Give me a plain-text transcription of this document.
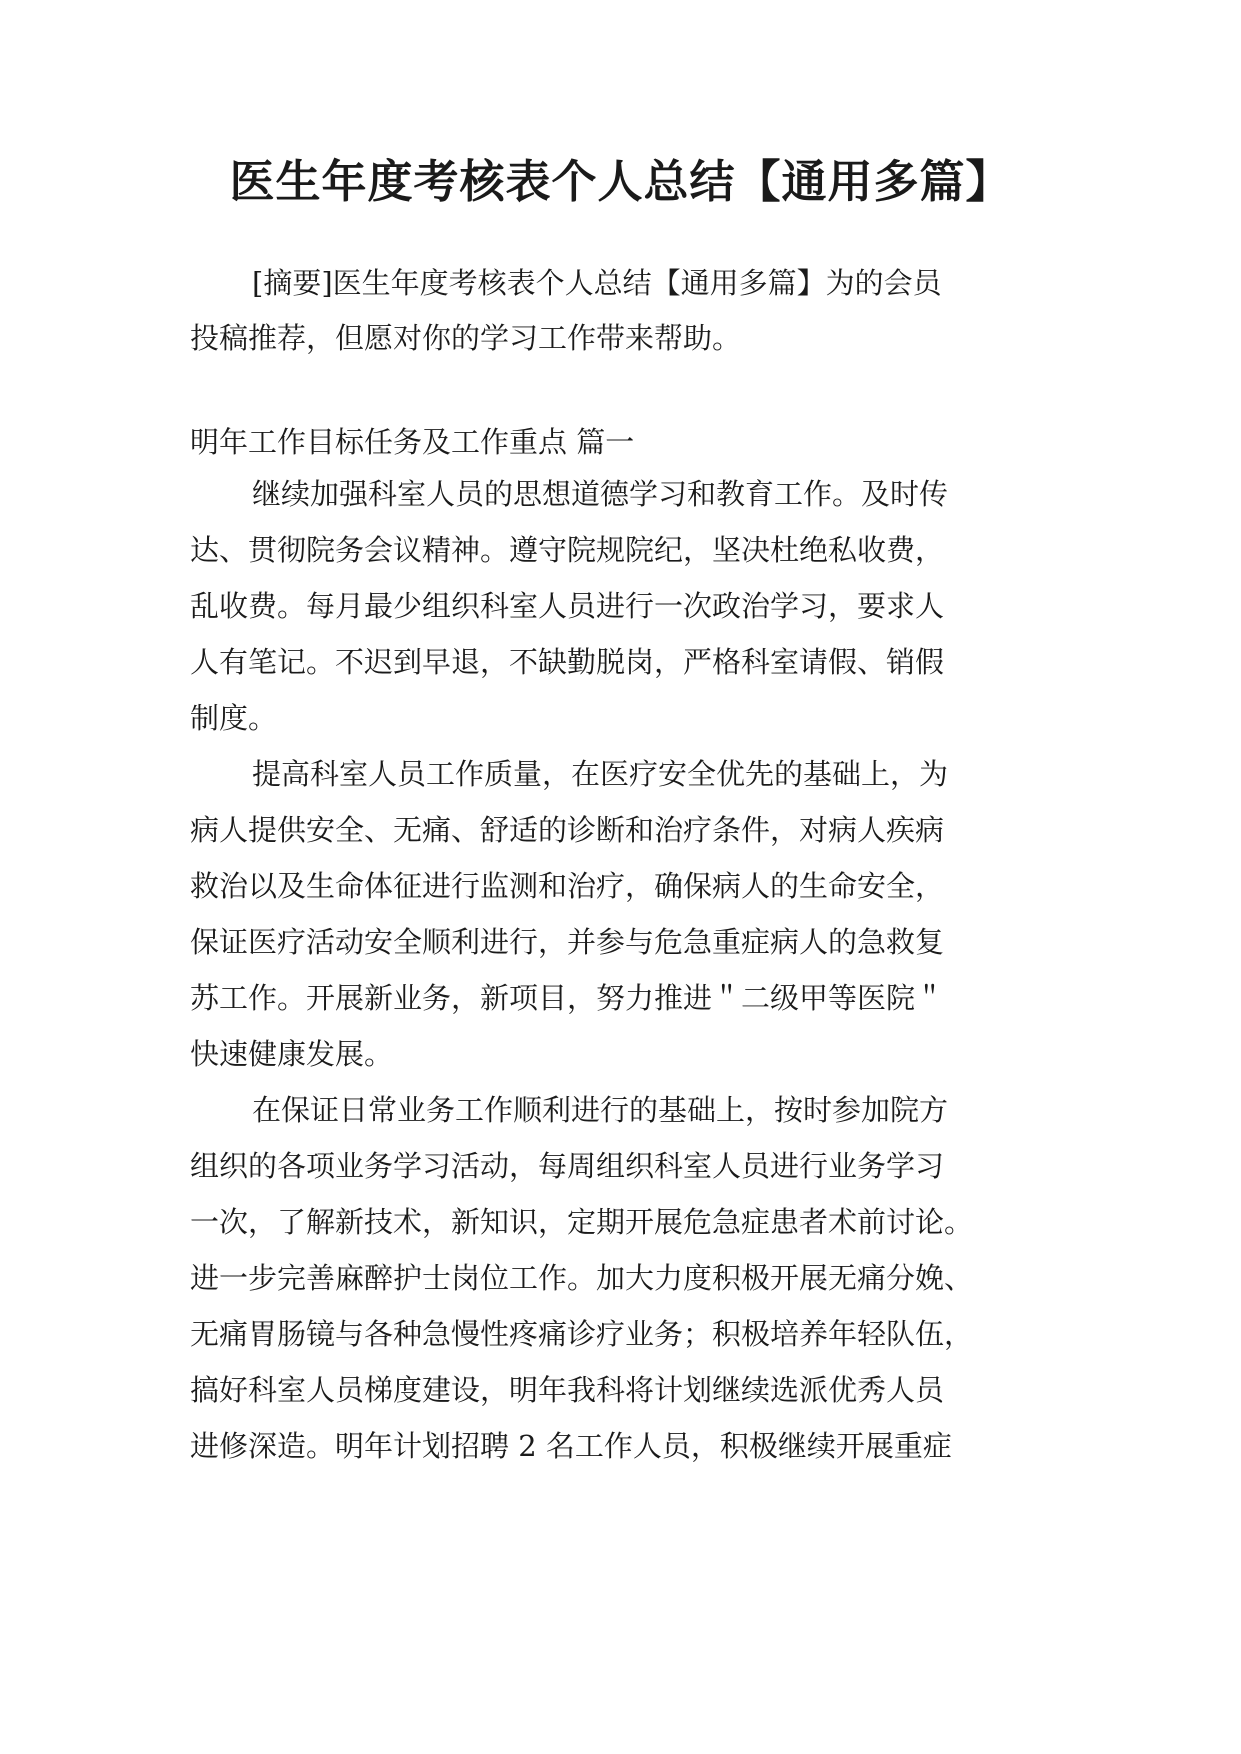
医生年度考核表个人总结【通用多篇】

[摘要]医生年度考核表个人总结【通用多篇】为的会员

投稿推荐，但愿对你的学习工作带来帮助。

明年工作目标任务及工作重点 篇一

继续加强科室人员的思想道德学习和教育工作。及时传

达、贯彻院务会议精神。遵守院规院纪，坚决杜绝私收费，

乱收费。每月最少组织科室人员进行一次政治学习，要求人

人有笔记。不迟到早退，不缺勤脱岗，严格科室请假、销假

制度。

提高科室人员工作质量，在医疗安全优先的基础上，为

病人提供安全、无痛、舒适的诊断和治疗条件，对病人疾病

救治以及生命体征进行监测和治疗，确保病人的生命安全，

保证医疗活动安全顺利进行，并参与危急重症病人的急救复

苏工作。开展新业务，新项目，努力推进＂二级甲等医院＂

快速健康发展。

在保证日常业务工作顺利进行的基础上，按时参加院方

组织的各项业务学习活动，每周组织科室人员进行业务学习

一次，了解新技术，新知识，定期开展危急症患者术前讨论。

进一步完善麻醉护士岗位工作。加大力度积极开展无痛分娩、

无痛胃肠镜与各种急慢性疼痛诊疗业务；积极培养年轻队伍，

搞好科室人员梯度建设，明年我科将计划继续选派优秀人员

进修深造。明年计划招聘 2 名工作人员，积极继续开展重症
